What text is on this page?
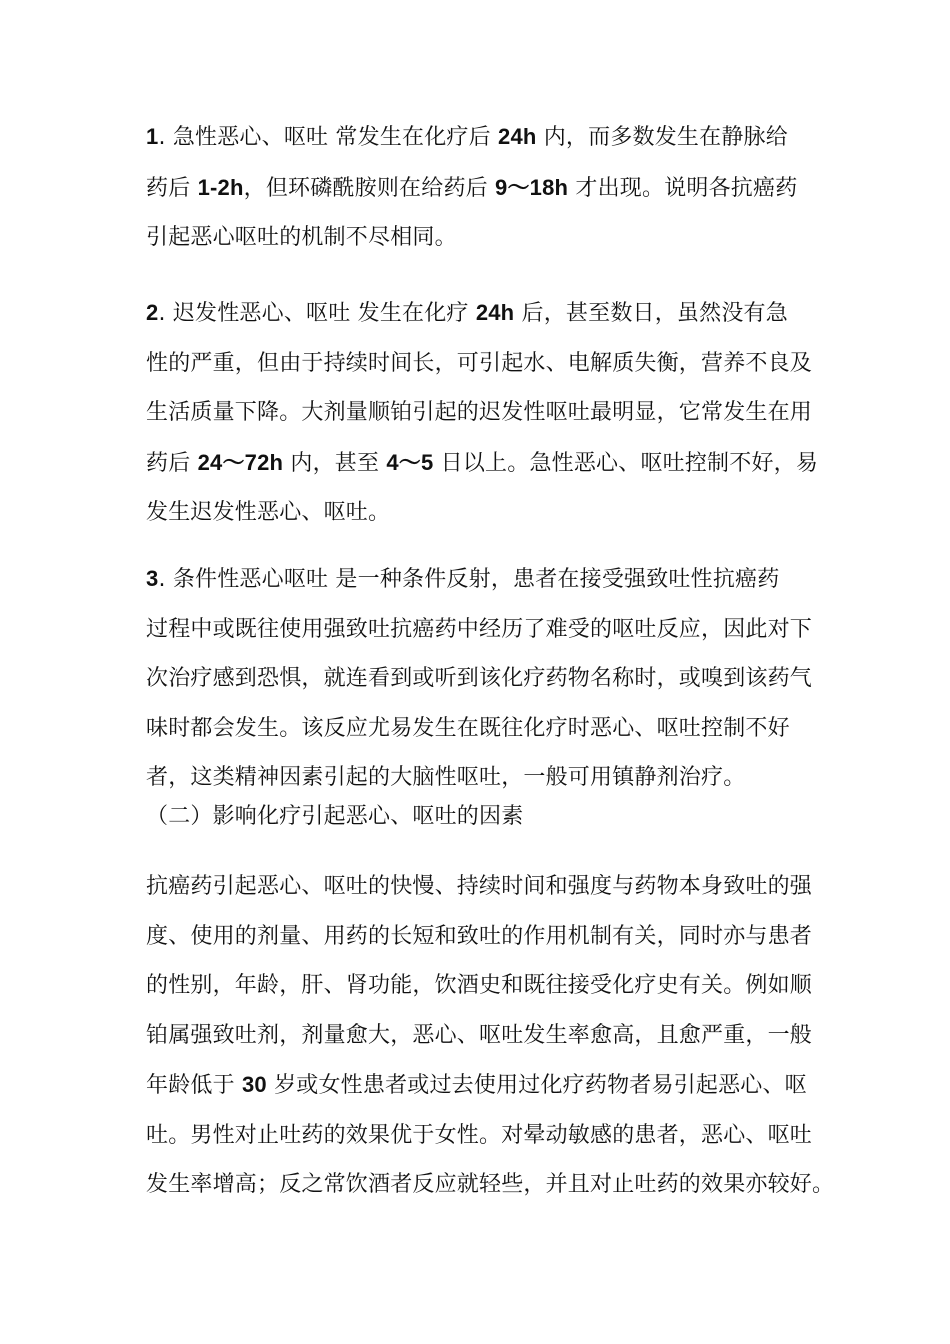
1. 急性恶心、呕吐 常发生在化疗后 24h 内，而多数发生在静脉给
药后 1-2h，但环磷酰胺则在给药后 9～18h 才出现。说明各抗癌药
引起恶心呕吐的机制不尽相同。
2. 迟发性恶心、呕吐 发生在化疗 24h 后，甚至数日，虽然没有急
性的严重，但由于持续时间长，可引起水、电解质失衡，营养不良及
生活质量下降。大剂量顺铂引起的迟发性呕吐最明显，它常发生在用
药后 24～72h 内，甚至 4～5 日以上。急性恶心、呕吐控制不好，易
发生迟发性恶心、呕吐。
3. 条件性恶心呕吐 是一种条件反射，患者在接受强致吐性抗癌药
过程中或既往使用强致吐抗癌药中经历了难受的呕吐反应，因此对下
次治疗感到恐惧，就连看到或听到该化疗药物名称时，或嗅到该药气
味时都会发生。该反应尤易发生在既往化疗时恶心、呕吐控制不好
者，这类精神因素引起的大脑性呕吐，一般可用镇静剂治疗。
（二）影响化疗引起恶心、呕吐的因素
抗癌药引起恶心、呕吐的快慢、持续时间和强度与药物本身致吐的强
度、使用的剂量、用药的长短和致吐的作用机制有关，同时亦与患者
的性别，年龄，肝、肾功能，饮酒史和既往接受化疗史有关。例如顺
铂属强致吐剂，剂量愈大，恶心、呕吐发生率愈高，且愈严重，一般
年龄低于 30 岁或女性患者或过去使用过化疗药物者易引起恶心、呕
吐。男性对止吐药的效果优于女性。对晕动敏感的患者，恶心、呕吐
发生率增高；反之常饮酒者反应就轻些，并且对止吐药的效果亦较好。
